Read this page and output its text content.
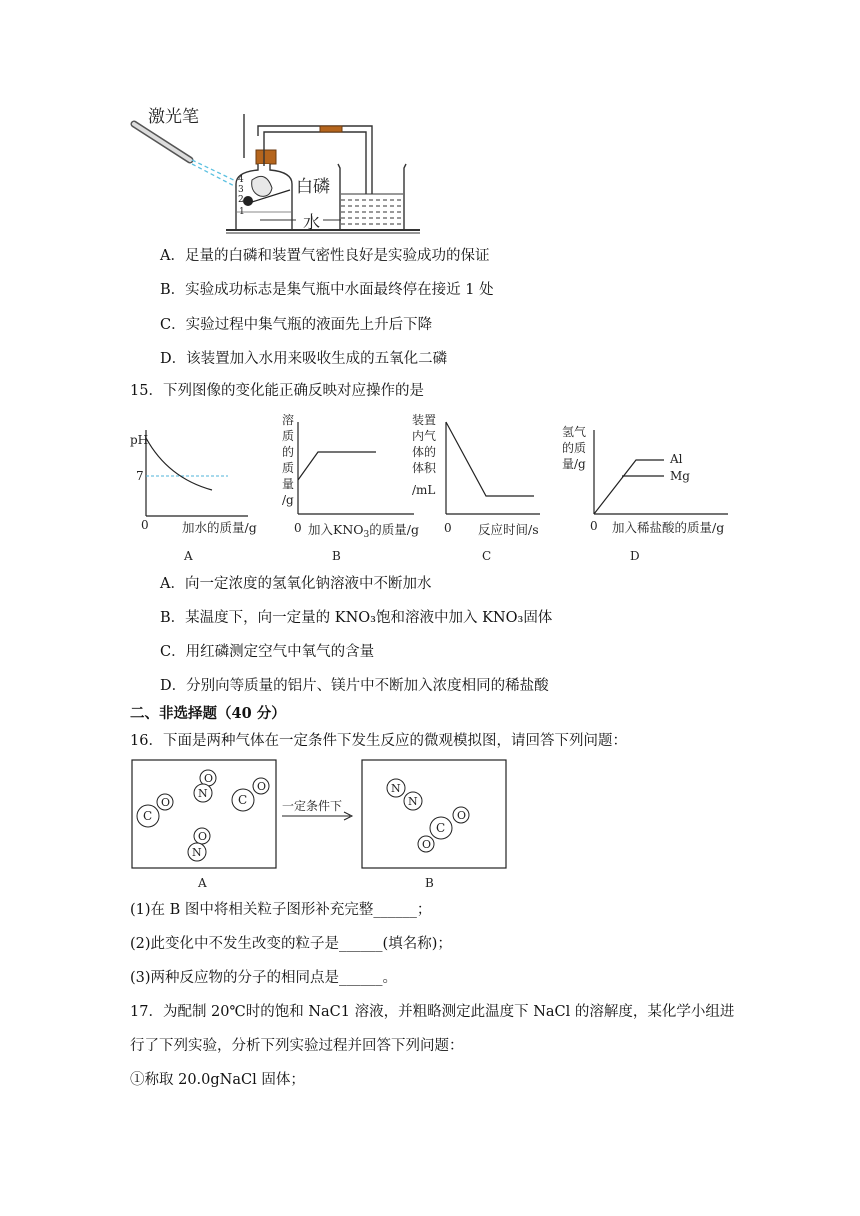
激光笔
4
3
2
1
白磷
水
A．足量的白磷和装置气密性良好是实验成功的保证
B．实验成功标志是集气瓶中水面最终停在接近 1 处
C．实验过程中集气瓶的液面先上升后下降
D．该装置加入水用来吸收生成的五氧化二磷
15．下列图像的变化能正确反映对应操作的是
pH
7
0	加水的质量/g
A
溶
质
的
质
量
/g
0 加入$KNO_3$的质量/g
B
装置
内气
体的
体积
/mL
0 反应时间/s
C
氢气
的质
量/g	Al
Mg
0 加入稀盐酸的质量/g
D
A．向一定浓度的氢氧化钠溶液中不断加水
B．某温度下，向一定量的 KNO₃饱和溶液中加入 KNO₃固体
C．用红磷测定空气中氧气的含量
D．分别向等质量的铝片、镁片中不断加入浓度相同的稀盐酸
二、非选择题（40 分）
16．下面是两种气体在一定条件下发生反应的微观模拟图，请回答下列问题：
O
C
O
N
O
C
O
N
A
一定条件下
N
N
O
C
O
B
(1)在 B 图中将相关粒子图形补充完整______；
(2)此变化中不发生改变的粒子是______(填名称)；
(3)两种反应物的分子的相同点是______。
17．为配制 20℃时的饱和 NaC1 溶液，并粗略测定此温度下 NaCl 的溶解度，某化学小组进
行了下列实验，分析下列实验过程并回答下列问题：
①称取 20.0gNaCl 固体；
